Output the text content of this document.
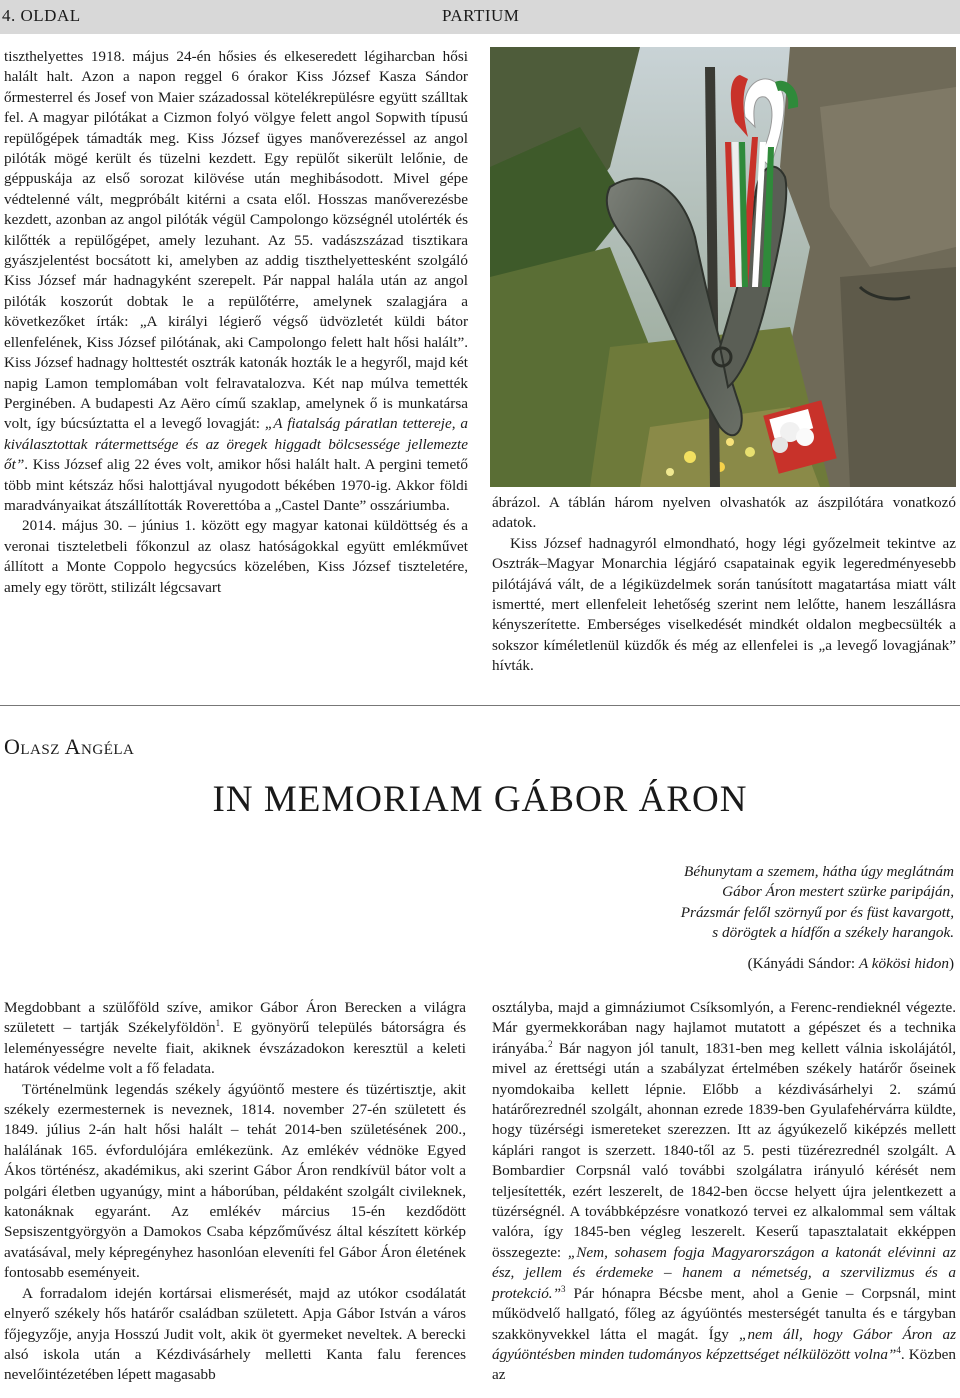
4. OLDAL	PARTIUM

tiszthelyettes 1918. május 24-én hősies és elkeseredett légiharcban hősi halált halt. Azon a napon reggel 6 órakor Kiss József Kasza Sándor őrmesterrel és Josef von Maier századossal kötelékrepülésre együtt szálltak fel. A magyar pilótákat a Cizmon folyó völgye felett angol Sopwith típusú repülőgépek támadták meg. Kiss József ügyes manőverezéssel az angol pilóták mögé került és tüzelni kezdett. Egy repülőt sikerült lelőnie, de géppuskája az első sorozat kilövése után meghibásodott. Mivel gépe védtelenné vált, megpróbált kitérni a csata elől. Hosszas manőverezésbe kezdett, azonban az angol pilóták végül Campolongo községnél utolérték és kilőtték a repülőgépet, amely lezuhant. Az 55. vadászszázad tisztikara gyászjelentést bocsátott ki, amelyben az addig tiszthelyettesként szolgáló Kiss József már hadnagyként szerepelt. Pár nappal halála után az angol pilóták koszorút dobtak le a repülőtérre, amelynek szalagjára a következőket írták: „A királyi légierő végső üdvözletét küldi bátor ellenfelének, Kiss József pilótának, aki Campolongo felett halt hősi halált”. Kiss József hadnagy holttestét osztrák katonák hozták le a hegyről, majd két napig Lamon templomában volt felravatalozva. Két nap múlva temették Perginében. A budapesti Az Aëro című szaklap, amelynek ő is munkatársa volt, így búcsúztatta el a levegő lovagját: „A fiatalság páratlan tettereje, a kiválasztottak rátermettsége és az öregek higgadt bölcsessége jellemezte őt”. Kiss József alig 22 éves volt, amikor hősi halált halt. A pergini temető több mint kétszáz hősi halottjával nyugodott békében 1970-ig. Akkor földi maradványaikat átszállították Roverettóba a „Castel Dante” osszáriumba.

2014. május 30. – június 1. között egy magyar katonai küldöttség és a veronai tiszteletbeli főkonzul az olasz hatóságokkal együtt emlékművet állított a Monte Coppolo hegycsúcs közelében, Kiss József tiszteletére, amely egy törött, stilizált légcsavart

ábrázol. A táblán három nyelven olvashatók az ászpilótára vonatkozó adatok.

Kiss József hadnagyról elmondható, hogy légi győzelmeit tekintve az Osztrák–Magyar Monarchia légjáró csapatainak egyik legeredményesebb pilótájává vált, de a légiküzdelmek során tanúsított magatartása miatt vált ismertté, mert ellenfeleit lehetőség szerint nem lelőtte, hanem leszállásra kényszerítette. Emberséges viselkedését mindkét oldalon megbecsülték a sokszor kíméletlenül küzdők és még az ellenfelei is „a levegő lovagjának” hívták.

Olasz Angéla
IN MEMORIAM GÁBOR ÁRON
Béhunytam a szemem, hátha úgy meglátnám
Gábor Áron mestert szürke paripáján,
Prázsmár felől szörnyű por és füst kavargott,
s dörögtek a hídfőn a székely harangok.
(Kányádi Sándor: A kökösi hidon)

Megdobbant a szülőföld szíve, amikor Gábor Áron Berecken a világra született – tartják Székelyföldön$^1$. E gyönyörű település bátorságra és leleményességre nevelte fiait, akiknek évszázadokon keresztül a keleti határok védelme volt a fő feladata.

Történelmünk legendás székely ágyúöntő mestere és tüzértisztje, akit székely ezermesternek is neveznek, 1814. november 27-én született és 1849. július 2-án halt hősi halált – tehát 2014-ben születésének 200., halálának 165. évfordulójára emlékezünk. Az emlékév védnöke Egyed Ákos történész, akadémikus, aki szerint Gábor Áron rendkívül bátor volt a polgári életben ugyanúgy, mint a háborúban, példaként szolgált civileknek, katonáknak egyaránt. Az emlékév március 15-én kezdődött Sepsiszentgyörgyön a Damokos Csaba képzőművész által készített körkép avatásával, mely képregényhez hasonlóan eleveníti fel Gábor Áron életének fontosabb eseményeit.

A forradalom idején kortársai elismerését, majd az utókor csodálatát elnyerő székely hős határőr családban született. Apja Gábor István a város főjegyzője, anyja Hosszú Judit volt, akik öt gyermeket neveltek. A berecki alsó iskola után a Kézdivásárhely melletti Kanta falu ferences nevelőintézetében lépett magasabb

osztályba, majd a gimnáziumot Csíksomlyón, a Ferenc-rendieknél végezte. Már gyermekkorában nagy hajlamot mutatott a gépészet és a technika irányába.$^2$ Bár nagyon jól tanult, 1831-ben meg kellett válnia iskolájától, mivel az érettségi után a szabályzat értelmében székely határőr őseinek nyomdokaiba kellett lépnie. Előbb a kézdivásárhelyi 2. számú határőrezrednél szolgált, ahonnan ezrede 1839-ben Gyulafehérvárra küldte, hogy tüzérségi ismereteket szerezzen. Itt az ágyúkezelő kiképzés mellett káplári rangot is szerzett. 1840-től az 5. pesti tüzérezrednél szolgált. A Bombardier Corpsnál való további szolgálatra irányuló kérését nem teljesítették, ezért leszerelt, de 1842-ben öccse helyett újra jelentkezett a tüzérségnél. A továbbképzésre vonatkozó tervei ez alkalommal sem váltak valóra, így 1845-ben végleg leszerelt. Keserű tapasztalatait ekképpen összegezte: „Nem, sohasem fogja Magyarországon a katonát elévinni az ész, jellem és érdemeke – hanem a németség, a szervilizmus és a protekció.”$^3$ Pár hónapra Bécsbe ment, ahol a Genie – Corpsnál, mint működvelő hallgató, főleg az ágyúöntés mesterségét tanulta és e tárgyban szakkönyvekkel látta el magát. Így „nem áll, hogy Gábor Áron az ágyúöntésben minden tudományos képzettséget nélkülözött volna”$^4$. Közben az
